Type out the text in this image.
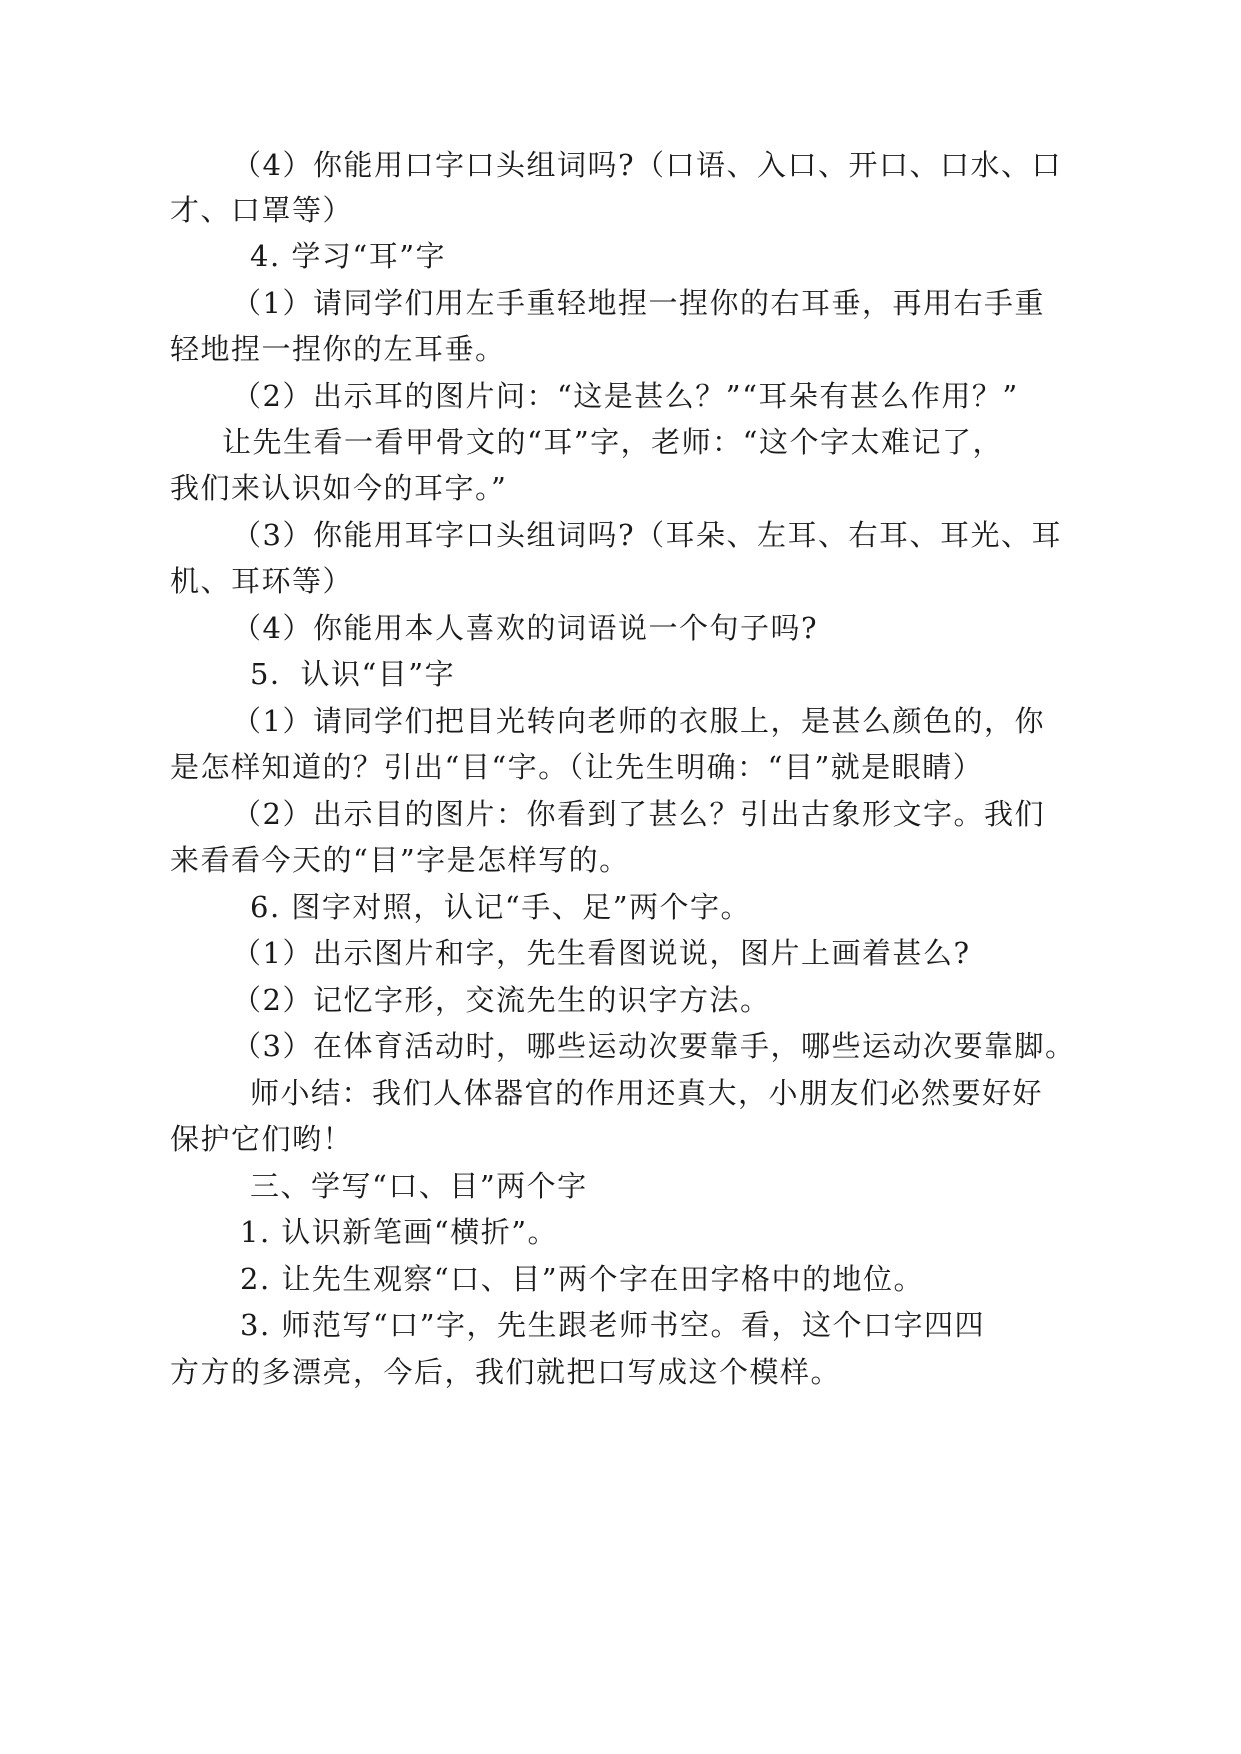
（4）你能用口字口头组词吗?（口语、入口、开口、口水、口
才、口罩等）
4. 学习“耳”字
（1）请同学们用左手重轻地捏一捏你的右耳垂，再用右手重
轻地捏一捏你的左耳垂。
（2）出示耳的图片问：“这是甚么？”“耳朵有甚么作用？”
让先生看一看甲骨文的“耳”字，老师：“这个字太难记了，
我们来认识如今的耳字。”
（3）你能用耳字口头组词吗?（耳朵、左耳、右耳、耳光、耳
机、耳环等）
（4）你能用本人喜欢的词语说一个句子吗?
5．认识“目”字
（1）请同学们把目光转向老师的衣服上，是甚么颜色的，你
是怎样知道的？引出“目“字。（让先生明确：“目”就是眼睛）
（2）出示目的图片：你看到了甚么？引出古象形文字。我们
来看看今天的“目”字是怎样写的。
6. 图字对照，认记“手、足”两个字。
（1）出示图片和字，先生看图说说，图片上画着甚么?
（2）记忆字形，交流先生的识字方法。
（3）在体育活动时，哪些运动次要靠手，哪些运动次要靠脚。
师小结：我们人体器官的作用还真大，小朋友们必然要好好
保护它们哟！
三、学写“口、目”两个字
1. 认识新笔画“横折”。
2. 让先生观察“口、目”两个字在田字格中的地位。
3. 师范写“口”字，先生跟老师书空。看，这个口字四四
方方的多漂亮，今后，我们就把口写成这个模样。
